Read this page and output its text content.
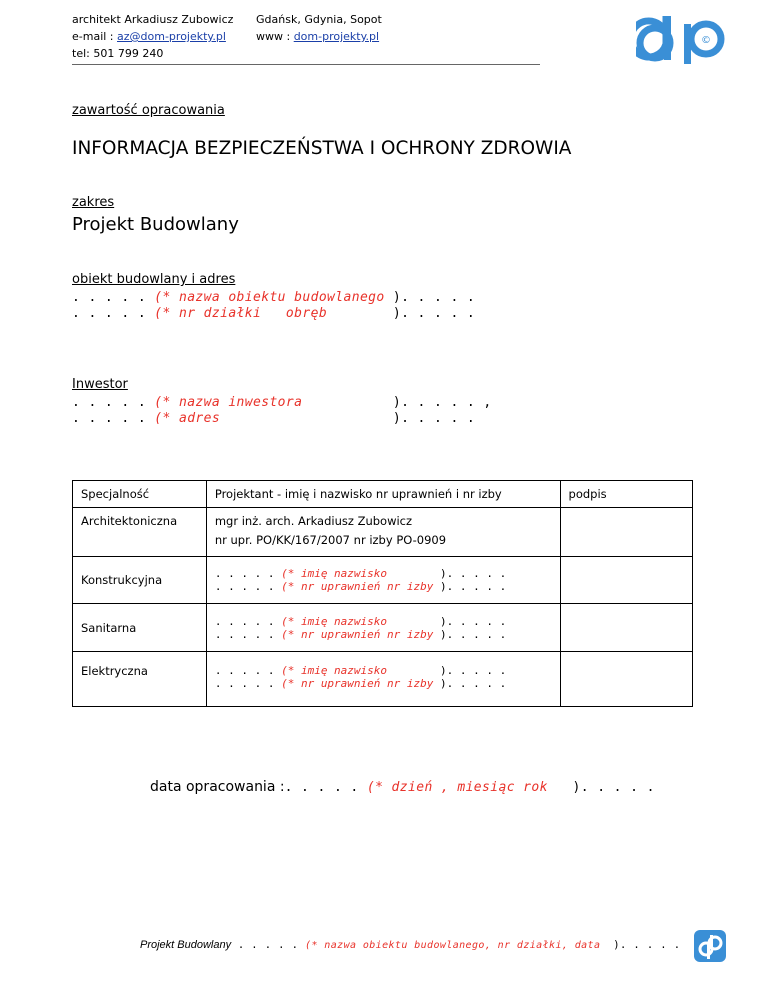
architekt Arkadiusz Zubowicz
e-mail : az@dom-projekty.pl
tel: 501 799 240
Gdańsk, Gdynia, Sopot
www : dom-projekty.pl	©
zawartość opracowania
INFORMACJA BEZPIECZEŃSTWA I OCHRONY ZDROWIA
zakres
Projekt Budowlany
obiekt budowlany i adres
. . . . . (* nazwa obiektu budowlanego ). . . . .
. . . . . (* nr działki   obręb        ). . . . .
Inwestor
. . . . . (* nazwa inwestora           ). . . . . ,
. . . . . (* adres                     ). . . . .
Specjalność	Projektant - imię i nazwisko nr uprawnień i nr izby	podpis

Architektoniczna	mgr inż. arch. Arkadiusz Zubowicz
nr upr. PO/KK/167/2007 nr izby PO-0909	

Konstrukcyjna	. . . . . (* imię nazwisko        ). . . . .
. . . . . (* nr uprawnień nr izby ). . . . .	

Sanitarna	. . . . . (* imię nazwisko        ). . . . .
. . . . . (* nr uprawnień nr izby ). . . . .	

Elektryczna	. . . . . (* imię nazwisko        ). . . . .
. . . . . (* nr uprawnień nr izby ). . . . .	

data opracowania :. . . . . (* dzień , miesiąc rok   ). . . . .
Projekt Budowlany . . . . . (* nazwa obiektu budowlanego, nr działki, data  ). . . . .
